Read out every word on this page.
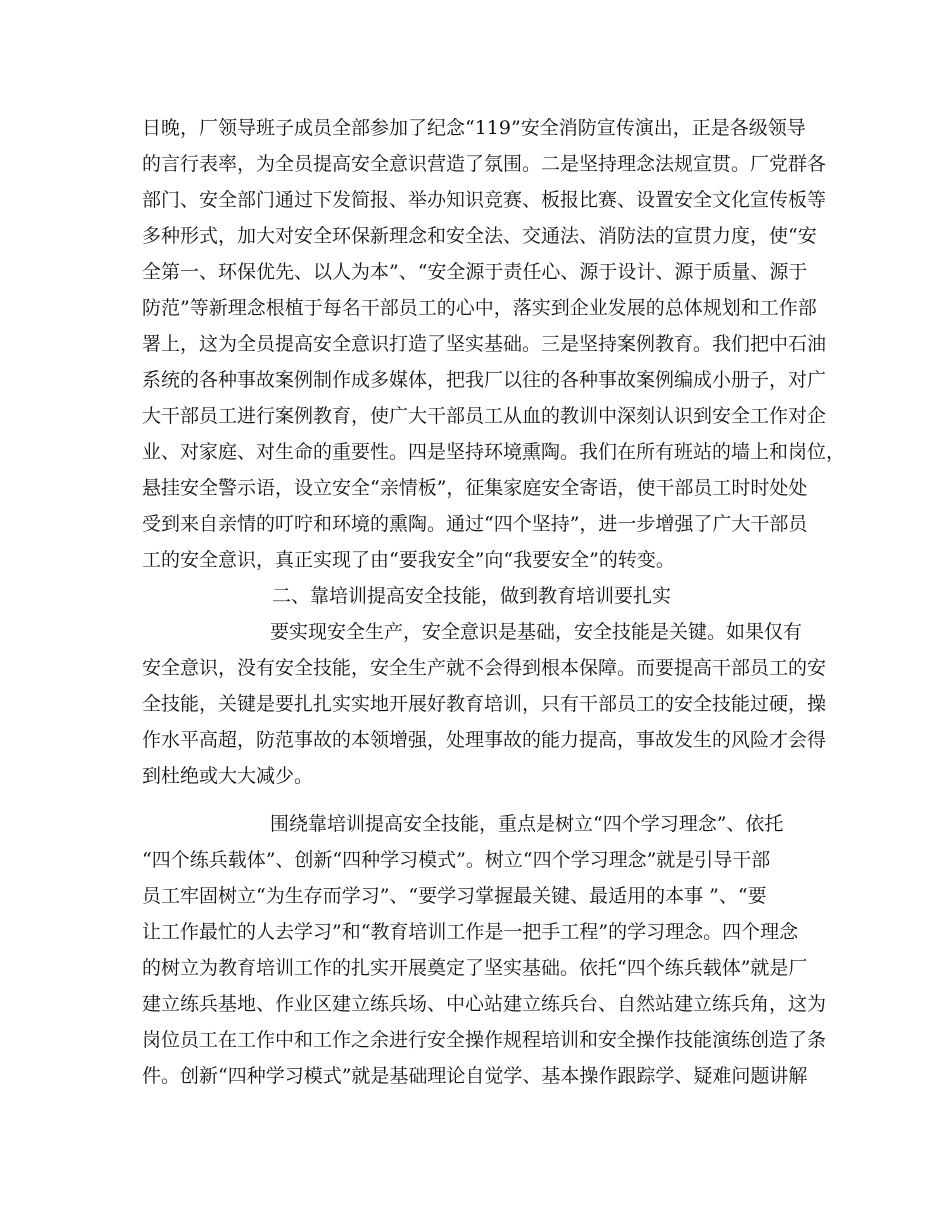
日晚，厂领导班子成员全部参加了纪念“119”安全消防宣传演出，正是各级领导
的言行表率，为全员提高安全意识营造了氛围。二是坚持理念法规宣贯。厂党群各
部门、安全部门通过下发简报、举办知识竞赛、板报比赛、设置安全文化宣传板等
多种形式，加大对安全环保新理念和安全法、交通法、消防法的宣贯力度，使“安
全第一、环保优先、以人为本”、“安全源于责任心、源于设计、源于质量、源于
防范”等新理念根植于每名干部员工的心中，落实到企业发展的总体规划和工作部
署上，这为全员提高安全意识打造了坚实基础。三是坚持案例教育。我们把中石油
系统的各种事故案例制作成多媒体，把我厂以往的各种事故案例编成小册子，对广
大干部员工进行案例教育，使广大干部员工从血的教训中深刻认识到安全工作对企
业、对家庭、对生命的重要性。四是坚持环境熏陶。我们在所有班站的墙上和岗位，
悬挂安全警示语，设立安全“亲情板”，征集家庭安全寄语，使干部员工时时处处
受到来自亲情的叮咛和环境的熏陶。通过“四个坚持”，进一步增强了广大干部员
工的安全意识，真正实现了由“要我安全”向“我要安全”的转变。
二、靠培训提高安全技能，做到教育培训要扎实
要实现安全生产，安全意识是基础，安全技能是关键。如果仅有
安全意识，没有安全技能，安全生产就不会得到根本保障。而要提高干部员工的安
全技能，关键是要扎扎实实地开展好教育培训，只有干部员工的安全技能过硬，操
作水平高超，防范事故的本领增强，处理事故的能力提高，事故发生的风险才会得
到杜绝或大大减少。
围绕靠培训提高安全技能，重点是树立“四个学习理念”、依托
“四个练兵载体”、创新“四种学习模式”。树立“四个学习理念”就是引导干部
员工牢固树立“为生存而学习”、“要学习掌握最关键、最适用的本事 ”、“要
让工作最忙的人去学习”和“教育培训工作是一把手工程”的学习理念。四个理念
的树立为教育培训工作的扎实开展奠定了坚实基础。依托“四个练兵载体”就是厂
建立练兵基地、作业区建立练兵场、中心站建立练兵台、自然站建立练兵角，这为
岗位员工在工作中和工作之余进行安全操作规程培训和安全操作技能演练创造了条
件。创新“四种学习模式”就是基础理论自觉学、基本操作跟踪学、疑难问题讲解
